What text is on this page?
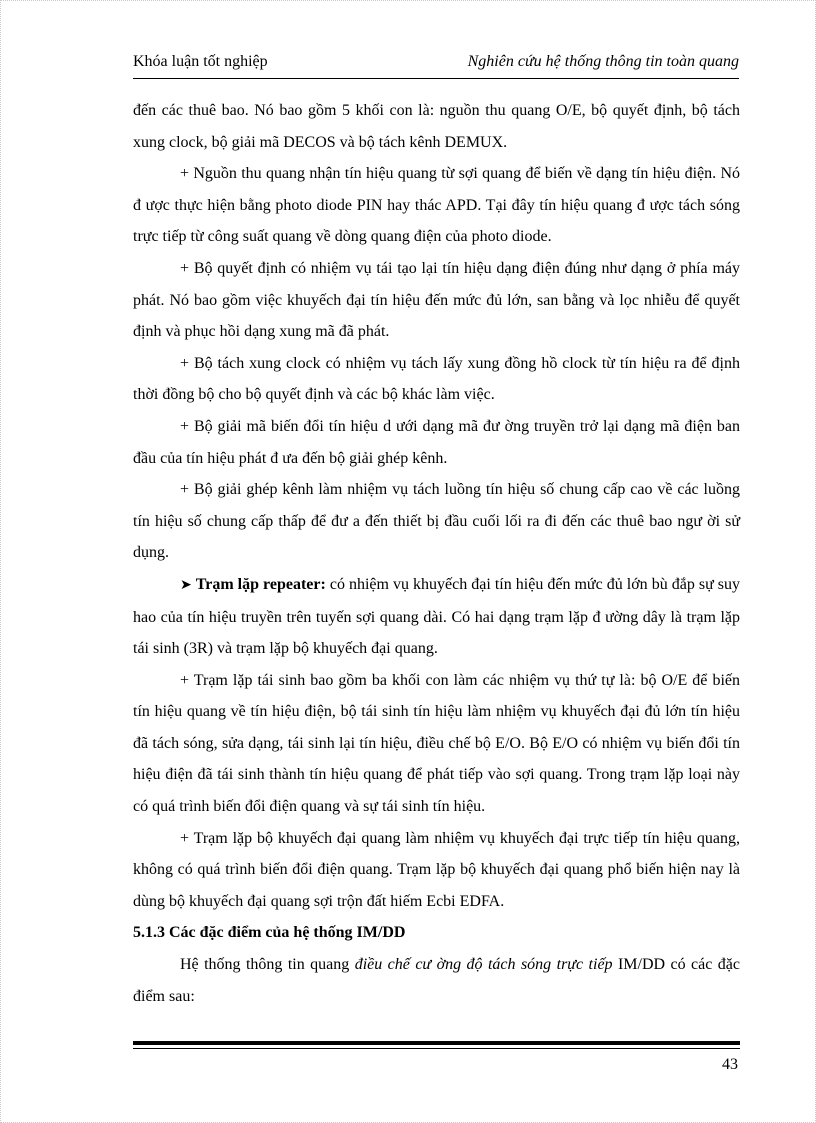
Khóa luận tốt nghiệp	Nghiên cứu hệ thống thông tin toàn quang

đến các thuê bao. Nó bao gồm 5 khối con là: nguồn thu quang O/E, bộ quyết định, bộ tách xung clock, bộ giải mã DECOS và bộ tách kênh DEMUX.

+ Nguồn thu quang nhận tín hiệu quang từ sợi quang để biến về dạng tín hiệu điện. Nó đ ược thực hiện bằng photo diode PIN hay thác APD. Tại đây tín hiệu quang đ ược tách sóng trực tiếp từ công suất quang về dòng quang điện của photo diode.

+ Bộ quyết định có nhiệm vụ tái tạo lại tín hiệu dạng điện đúng như dạng ở phía máy phát. Nó bao gồm việc khuyếch đại tín hiệu đến mức đủ lớn, san bằng và lọc nhiễu để quyết định và phục hồi dạng xung mã đã phát.

+ Bộ tách xung clock có nhiệm vụ tách lấy xung đồng hồ clock từ tín hiệu ra để định thời đồng bộ cho bộ quyết định và các bộ khác làm việc.

+ Bộ giải mã biến đổi tín hiệu d ưới dạng mã đư ờng truyền trở lại dạng mã điện ban đầu của tín hiệu phát đ ưa đến bộ giải ghép kênh.

+ Bộ giải ghép kênh làm nhiệm vụ tách luồng tín hiệu số chung cấp cao về các luồng tín hiệu số chung cấp thấp để đư a đến thiết bị đầu cuối lối ra đi đến các thuê bao ngư ời sử dụng.

➤ Trạm lặp repeater: có nhiệm vụ khuyếch đại tín hiệu đến mức đủ lớn bù đắp sự suy hao của tín hiệu truyền trên tuyến sợi quang dài. Có hai dạng trạm lặp đ ường dây là trạm lặp tái sinh (3R) và trạm lặp bộ khuyếch đại quang.

+ Trạm lặp tái sinh bao gồm ba khối con làm các nhiệm vụ thứ tự là: bộ O/E để biến tín hiệu quang về tín hiệu điện, bộ tái sinh tín hiệu làm nhiệm vụ khuyếch đại đủ lớn tín hiệu đã tách sóng, sửa dạng, tái sinh lại tín hiệu, điều chế bộ E/O. Bộ E/O có nhiệm vụ biến đổi tín hiệu điện đã tái sinh thành tín hiệu quang để phát tiếp vào sợi quang. Trong trạm lặp loại này có quá trình biến đổi điện quang và sự tái sinh tín hiệu.

+ Trạm lặp bộ khuyếch đại quang làm nhiệm vụ khuyếch đại trực tiếp tín hiệu quang, không có quá trình biến đổi điện quang. Trạm lặp bộ khuyếch đại quang phổ biến hiện nay là dùng bộ khuyếch đại quang sợi trộn đất hiếm Ecbi EDFA.

5.1.3 Các đặc điểm của hệ thống IM/DD

Hệ thống thông tin quang điều chế cư ờng độ tách sóng trực tiếp IM/DD có các đặc điểm sau:

43
